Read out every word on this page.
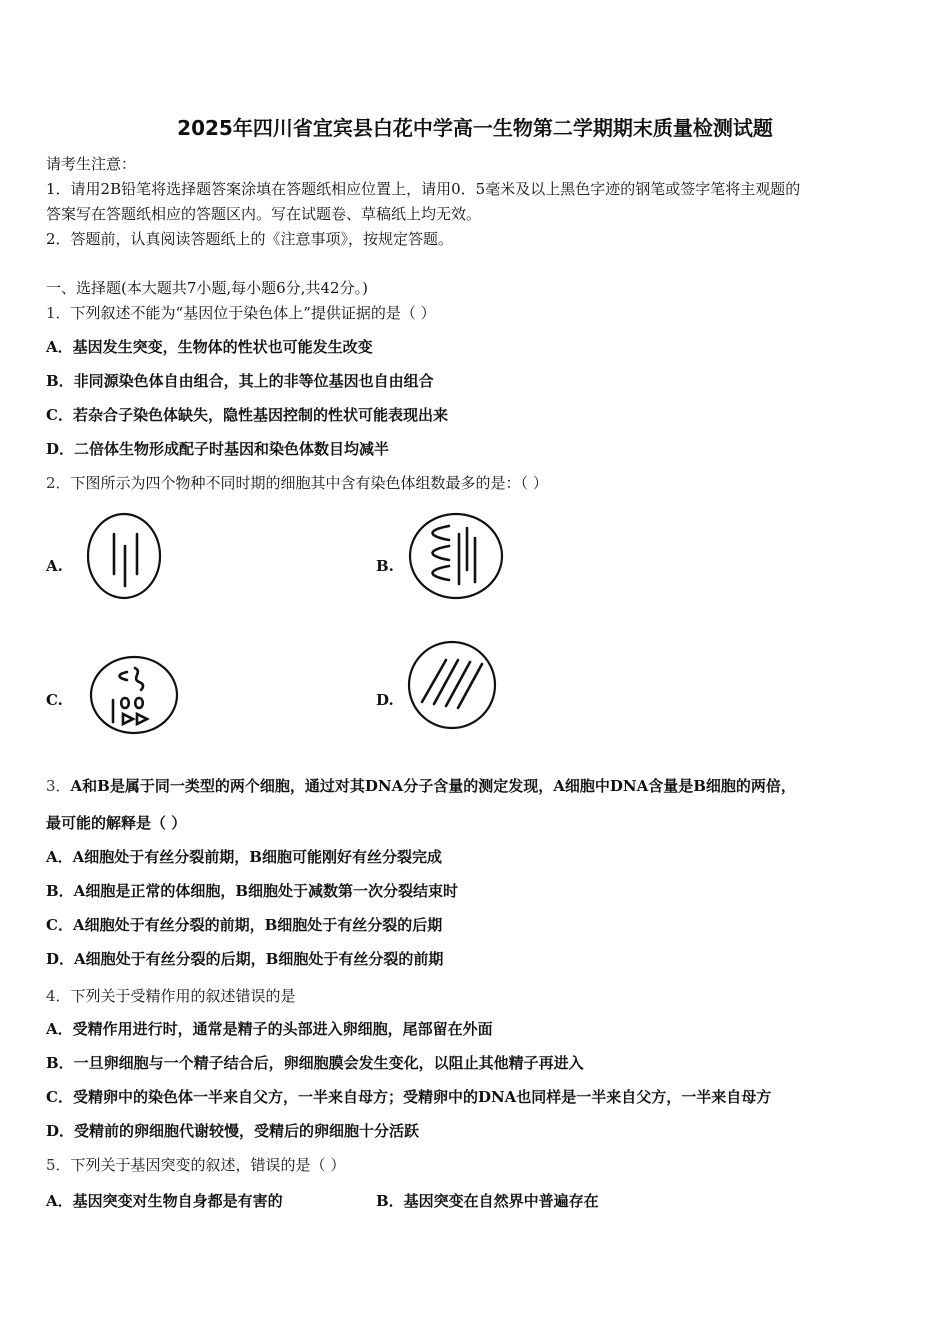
2025年四川省宜宾县白花中学高一生物第二学期期末质量检测试题
请考生注意：
1．请用2B铅笔将选择题答案涂填在答题纸相应位置上，请用0．5毫米及以上黑色字迹的钢笔或签字笔将主观题的
答案写在答题纸相应的答题区内。写在试题卷、草稿纸上均无效。
2．答题前，认真阅读答题纸上的《注意事项》，按规定答题。
一、选择题(本大题共7小题,每小题6分,共42分。)
1．下列叙述不能为“基因位于染色体上”提供证据的是（ ）
A．基因发生突变，生物体的性状也可能发生改变
B．非同源染色体自由组合，其上的非等位基因也自由组合
C．若杂合子染色体缺失，隐性基因控制的性状可能表现出来
D．二倍体生物形成配子时基因和染色体数目均减半
2．下图所示为四个物种不同时期的细胞其中含有染色体组数最多的是：（ ）
A.	B.
C.	D.
3．A和B是属于同一类型的两个细胞，通过对其DNA分子含量的测定发现，A细胞中DNA含量是B细胞的两倍，
最可能的解释是（ ）
A．A细胞处于有丝分裂前期，B细胞可能刚好有丝分裂完成
B．A细胞是正常的体细胞，B细胞处于减数第一次分裂结束时
C．A细胞处于有丝分裂的前期，B细胞处于有丝分裂的后期
D．A细胞处于有丝分裂的后期，B细胞处于有丝分裂的前期
4．下列关于受精作用的叙述错误的是
A．受精作用进行时，通常是精子的头部进入卵细胞，尾部留在外面
B．一旦卵细胞与一个精子结合后，卵细胞膜会发生变化，以阻止其他精子再进入
C．受精卵中的染色体一半来自父方，一半来自母方；受精卵中的DNA也同样是一半来自父方，一半来自母方
D．受精前的卵细胞代谢较慢，受精后的卵细胞十分活跃
5．下列关于基因突变的叙述，错误的是（ ）
A．基因突变对生物自身都是有害的	B．基因突变在自然界中普遍存在
